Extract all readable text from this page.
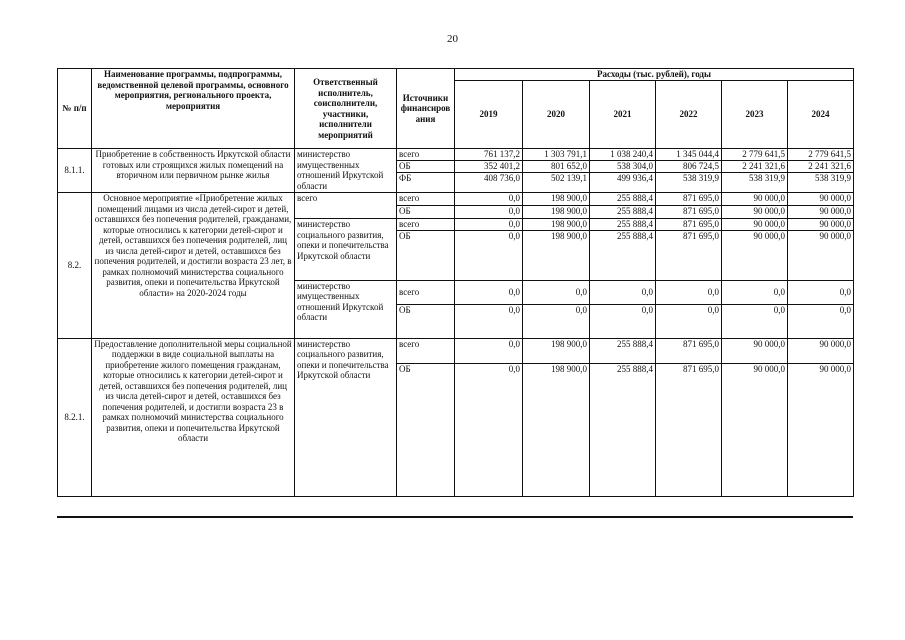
20
№ п/п	Наименование программы, подпрограммы, ведомственной целевой программы, основного мероприятия, регионального проекта, мероприятия	Ответственный исполнитель, соисполнители, участники, исполнители мероприятий	Источники финансирования	Расходы (тыс. рублей), годы					
				2019	2020	2021	2022	2023	2024
8.1.1.	Приобретение в собственность Иркутской области готовых или строящихся жилых помещений на вторичном или первичном рынке жилья	министерство имущественных отношений Иркутской области	всего	761 137,2	1 303 791,1	1 038 240,4	1 345 044,4	2 779 641,5	2 779 641,5
			ОБ	352 401,2	801 652,0	538 304,0	806 724,5	2 241 321,6	2 241 321,6
			ФБ	408 736,0	502 139,1	499 936,4	538 319,9	538 319,9	538 319,9
8.2.	Основное мероприятие «Приобретение жилых помещений лицами из числа детей-сирот и детей, оставшихся без попечения родителей, гражданами, которые относились к категории детей-сирот и детей, оставшихся без попечения родителей, лиц из числа детей-сирот и детей, оставшихся без попечения родителей, и достигли возраста 23 лет, в рамках полномочий министерства социального развития, опеки и попечительства Иркутской области» на 2020-2024 годы	всего	всего	0,0	198 900,0	255 888,4	871 695,0	90 000,0	90 000,0
			ОБ	0,0	198 900,0	255 888,4	871 695,0	90 000,0	90 000,0
		министерство социального развития, опеки и попечительства Иркутской области	всего	0,0	198 900,0	255 888,4	871 695,0	90 000,0	90 000,0
			ОБ	0,0	198 900,0	255 888,4	871 695,0	90 000,0	90 000,0
		министерство имущественных отношений Иркутской области	всего	0,0	0,0	0,0	0,0	0,0	0,0
			ОБ	0,0	0,0	0,0	0,0	0,0	0,0
8.2.1.	Предоставление дополнительной меры социальной поддержки в виде социальной выплаты на приобретение жилого помещения гражданам, которые относились к категории детей-сирот и детей, оставшихся без попечения родителей, лиц из числа детей-сирот и детей, оставшихся без попечения родителей, и достигли возраста 23 в рамках полномочий министерства социального развития, опеки и попечительства Иркутской области	министерство социального развития, опеки и попечительства Иркутской области	всего	0,0	198 900,0	255 888,4	871 695,0	90 000,0	90 000,0
			ОБ	0,0	198 900,0	255 888,4	871 695,0	90 000,0	90 000,0
